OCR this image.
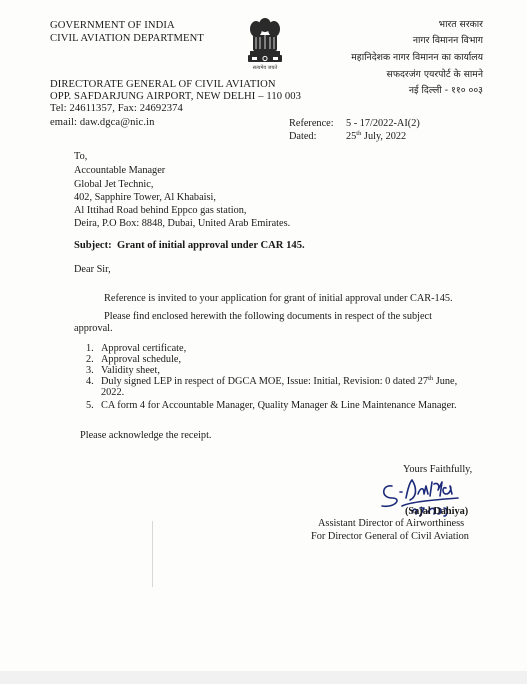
GOVERNMENT OF INDIA
CIVIL AVIATION DEPARTMENT
सत्यमेव जयते
भारत सरकार
नागर विमानन विभाग
महानिदेशक नागर विमानन का कार्यालय
सफदरजंग एयरपोर्ट के सामने
नई दिल्ली - ११० ००३
DIRECTORATE GENERAL OF CIVIL AVIATION
OPP. SAFDARJUNG AIRPORT, NEW DELHI – 110 003
Tel: 24611357, Fax: 24692374
email: daw.dgca@nic.in	Reference: 5 - 17/2022-AI(2)
Dated:	25th July, 2022
To,
Accountable Manager
Global Jet Technic,
402, Sapphire Tower, Al Khabaisi,
Al Ittihad Road behind Eppco gas station,
Deira, P.O Box: 8848, Dubai, United Arab Emirates.
Subject: Grant of initial approval under CAR 145.
Dear Sir,
Reference is invited to your application for grant of initial approval under CAR-145.
Please find enclosed herewith the following documents in respect of the subject
approval.
1. Approval certificate,
2. Approval schedule,
3. Validity sheet,
4. Duly signed LEP in respect of DGCA MOE, Issue: Initial, Revision: 0 dated 27th June,
2022.
5. CA form 4 for Accountable Manager, Quality Manager & Line Maintenance Manager.
Please acknowledge the receipt.
Yours Faithfully,
(Sajal Dahiya)
Assistant Director of Airworthiness
For Director General of Civil Aviation
